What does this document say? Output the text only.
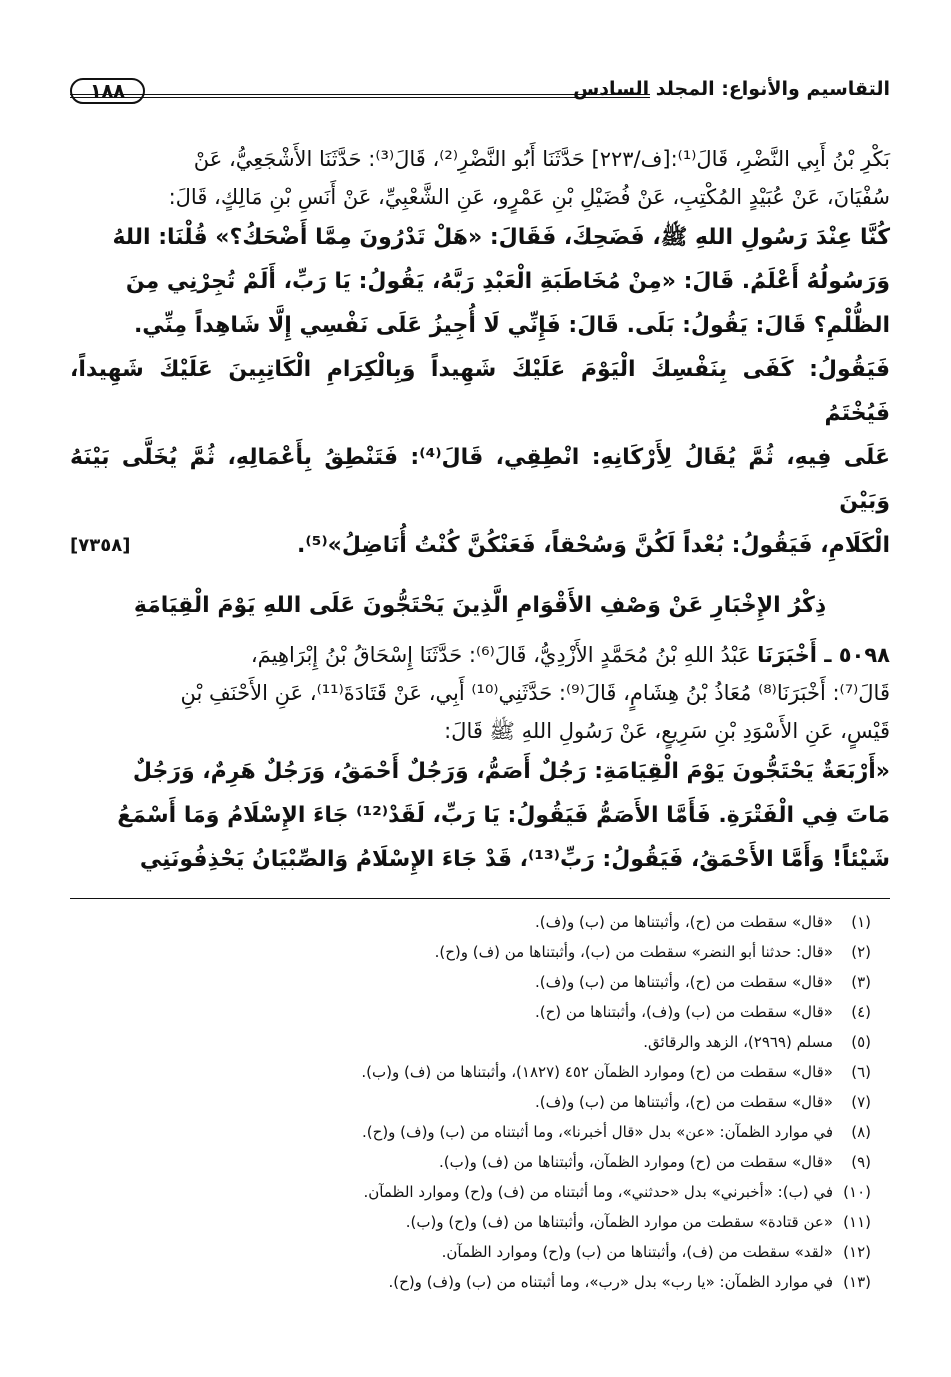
التقاسيم والأنواع: المجلد السادس
١٨٨
بَكْرِ بْنُ أَبِي النَّضْرِ، قَالَ⁽¹⁾:[ف/٢٢٣] حَدَّثَنَا أَبُو النَّضْرِ⁽²⁾، قَالَ⁽³⁾: حَدَّثَنَا الأَشْجَعِيُّ، عَنْ
سُفْيَانَ، عَنْ عُبَيْدٍ المُكْتِبِ، عَنْ فُضَيْلِ بْنِ عَمْرٍو، عَنِ الشَّعْبِيِّ، عَنْ أَنَسِ بْنِ مَالِكٍ، قَالَ:
كُنَّا عِنْدَ رَسُولِ اللهِ ﷺ، فَضَحِكَ، فَقَالَ: «هَلْ تَدْرُونَ مِمَّا أَضْحَكُ؟» قُلْنَا: اللهُ
وَرَسُولُهُ أَعْلَمُ. قَالَ: «مِنْ مُخَاطَبَةِ الْعَبْدِ رَبَّهُ، يَقُولُ: يَا رَبِّ، أَلَمْ تُجِرْنِي مِنَ
الظُّلْمِ؟ قَالَ: يَقُولُ: بَلَى. قَالَ: فَإِنِّي لَا أُجِيزُ عَلَى نَفْسِي إِلَّا شَاهِداً مِنِّي.
فَيَقُولُ: كَفَى بِنَفْسِكَ الْيَوْمَ عَلَيْكَ شَهِيداً وَبِالْكِرَامِ الْكَاتِبِينَ عَلَيْكَ شَهِيداً، فَيُخْتَمُ
عَلَى فِيهِ، ثُمَّ يُقَالُ لِأَرْكَانِهِ: انْطِقِي، قَالَ⁽⁴⁾: فَتَنْطِقُ بِأَعْمَالِهِ، ثُمَّ يُخَلَّى بَيْنَهُ وَبَيْنَ
الْكَلَامِ، فَيَقُولُ: بُعْداً لَكُنَّ وَسُحْقاً، فَعَنْكُنَّ كُنْتُ أُنَاضِلُ»⁽⁵⁾.
[٧٣٥٨]
ذِكْرُ الإِخْبَارِ عَنْ وَصْفِ الأَقْوَامِ الَّذِينَ يَحْتَجُّونَ عَلَى اللهِ يَوْمَ الْقِيَامَةِ
٥٠٩٨ ـ أَخْبَرَنَا عَبْدُ اللهِ بْنُ مُحَمَّدٍ الأَزْدِيُّ، قَالَ⁽⁶⁾: حَدَّثَنَا إِسْحَاقُ بْنُ إِبْرَاهِيمَ،
قَالَ⁽⁷⁾: أَخْبَرَنَا⁽⁸⁾ مُعَاذُ بْنُ هِشَامٍ، قَالَ⁽⁹⁾: حَدَّثَنِي⁽¹⁰⁾ أَبِي، عَنْ قَتَادَةَ⁽¹¹⁾، عَنِ الأَحْنَفِ بْنِ
قَيْسٍ، عَنِ الأَسْوَدِ بْنِ سَرِيعٍ، عَنْ رَسُولِ اللهِ ﷺ قَالَ:
«أَرْبَعَةٌ يَحْتَجُّونَ يَوْمَ الْقِيَامَةِ: رَجُلٌ أَصَمُّ، وَرَجُلٌ أَحْمَقُ، وَرَجُلٌ هَرِمٌ، وَرَجُلٌ
مَاتَ فِي الْفَتْرَةِ. فَأَمَّا الأَصَمُّ فَيَقُولُ: يَا رَبِّ، لَقَدْ⁽¹²⁾ جَاءَ الإِسْلَامُ وَمَا أَسْمَعُ
شَيْئاً! وَأَمَّا الأَحْمَقُ، فَيَقُولُ: رَبِّ⁽¹³⁾، قَدْ جَاءَ الإِسْلَامُ وَالصِّبْيَانُ يَحْذِفُونَنِي
(١)«قال» سقطت من (ح)، وأثبتناها من (ب) و(ف).
(٢)«قال: حدثنا أبو النضر» سقطت من (ب)، وأثبتناها من (ف) و(ح).
(٣)«قال» سقطت من (ح)، وأثبتناها من (ب) و(ف).
(٤)«قال» سقطت من (ب) و(ف)، وأثبتناها من (ح).
(٥)مسلم (٢٩٦٩)، الزهد والرقائق.
(٦)«قال» سقطت من (ح) وموارد الظمآن ٤٥٢ (١٨٢٧)، وأثبتناها من (ف) و(ب).
(٧)«قال» سقطت من (ح)، وأثبتناها من (ب) و(ف).
(٨)في موارد الظمآن: «عن» بدل «قال أخبرنا»، وما أثبتناه من (ب) و(ف) و(ح).
(٩)«قال» سقطت من (ح) وموارد الظمآن، وأثبتناها من (ف) و(ب).
(١٠)في (ب): «أخبرني» بدل «حدثني»، وما أثبتناه من (ف) و(ح) وموارد الظمآن.
(١١)«عن قتادة» سقطت من موارد الظمآن، وأثبتناها من (ف) و(ح) و(ب).
(١٢)«لقد» سقطت من (ف)، وأثبتناها من (ب) و(ح) وموارد الظمآن.
(١٣)في موارد الظمآن: «يا رب» بدل «رب»، وما أثبتناه من (ب) و(ف) و(ح).
